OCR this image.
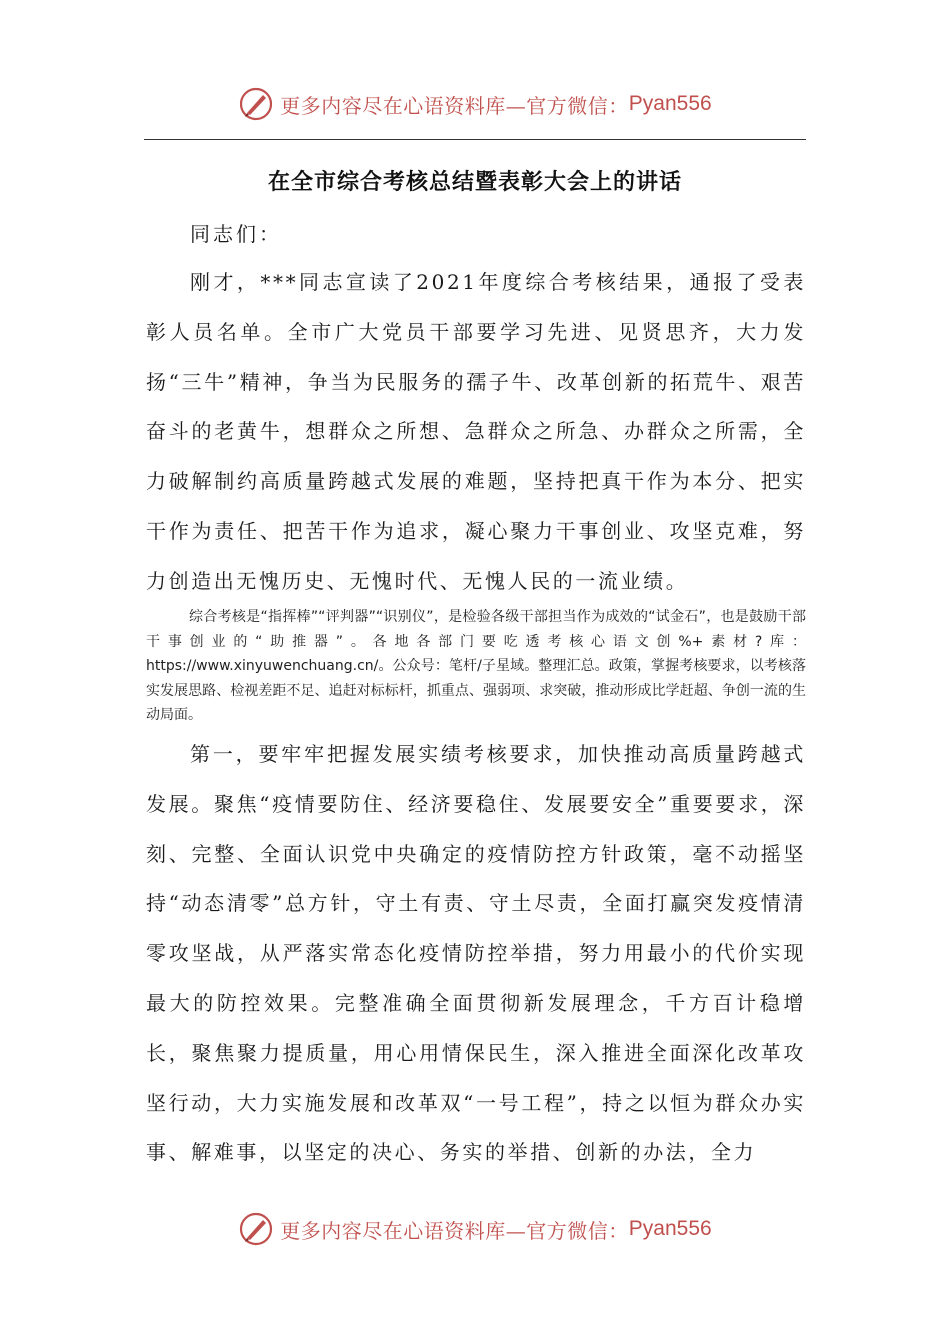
更多内容尽在心语资料库—官方微信： Pyan556
在全市综合考核总结暨表彰大会上的讲话
同志们：

刚才，***同志宣读了2021年度综合考核结果，通报了受表彰人员名单。全市广大党员干部要学习先进、见贤思齐，大力发扬“三牛”精神，争当为民服务的孺子牛、改革创新的拓荒牛、艰苦奋斗的老黄牛，想群众之所想、急群众之所急、办群众之所需，全力破解制约高质量跨越式发展的难题，坚持把真干作为本分、把实干作为责任、把苦干作为追求，凝心聚力干事创业、攻坚克难，努力创造出无愧历史、无愧时代、无愧人民的一流业绩。

综合考核是“指挥棒”“评判器”“识别仪”，是检验各级干部担当作为成效的“试金石”，也是鼓励干部干事创业的“助推器”。各地各部门要吃透考核心语文创%+素材?库：https://www.xinyuwenchuang.cn/。公众号：笔杆/子星域。整理汇总。政策，掌握考核要求，以考核落实发展思路、检视差距不足、追赶对标标杆，抓重点、强弱项、求突破，推动形成比学赶超、争创一流的生动局面。

第一，要牢牢把握发展实绩考核要求，加快推动高质量跨越式发展。聚焦“疫情要防住、经济要稳住、发展要安全”重要要求，深刻、完整、全面认识党中央确定的疫情防控方针政策，毫不动摇坚持“动态清零”总方针，守土有责、守土尽责，全面打赢突发疫情清零攻坚战，从严落实常态化疫情防控举措，努力用最小的代价实现最大的防控效果。完整准确全面贯彻新发展理念，千方百计稳增长，聚焦聚力提质量，用心用情保民生，深入推进全面深化改革攻坚行动，大力实施发展和改革双“一号工程”，持之以恒为群众办实事、解难事，以坚定的决心、务实的举措、创新的办法，全力

更多内容尽在心语资料库—官方微信： Pyan556
